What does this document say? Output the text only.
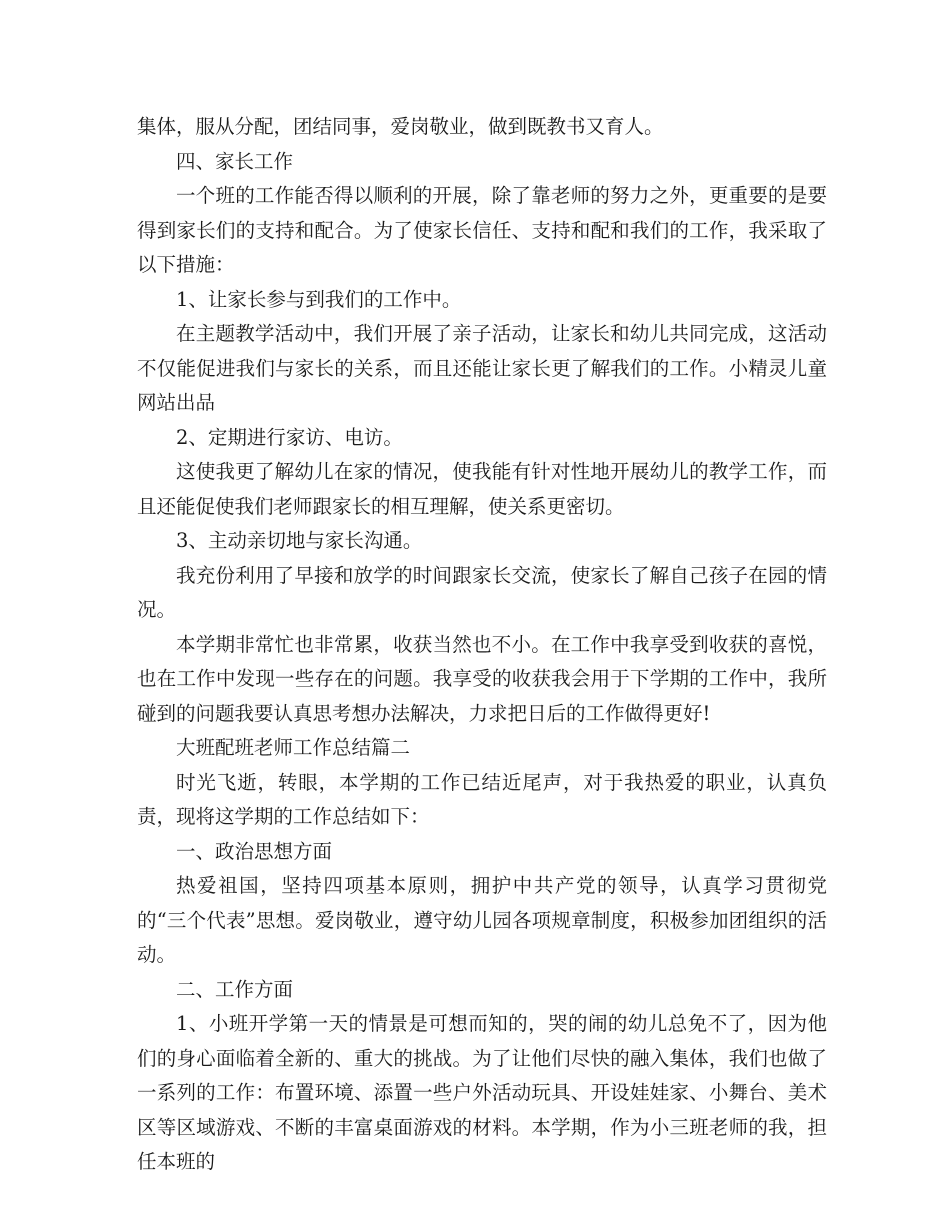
集体，服从分配，团结同事，爱岗敬业，做到既教书又育人。

四、家长工作

一个班的工作能否得以顺利的开展，除了靠老师的努力之外，更重要的是要得到家长们的支持和配合。为了使家长信任、支持和配和我们的工作，我采取了以下措施：

1、让家长参与到我们的工作中。

在主题教学活动中，我们开展了亲子活动，让家长和幼儿共同完成，这活动不仅能促进我们与家长的关系，而且还能让家长更了解我们的工作。小精灵儿童网站出品

2、定期进行家访、电访。

这使我更了解幼儿在家的情况，使我能有针对性地开展幼儿的教学工作，而且还能促使我们老师跟家长的相互理解，使关系更密切。

3、主动亲切地与家长沟通。

我充份利用了早接和放学的时间跟家长交流，使家长了解自己孩子在园的情况。

本学期非常忙也非常累，收获当然也不小。在工作中我享受到收获的喜悦，也在工作中发现一些存在的问题。我享受的收获我会用于下学期的工作中，我所碰到的问题我要认真思考想办法解决，力求把日后的工作做得更好!

大班配班老师工作总结篇二

时光飞逝，转眼，本学期的工作已结近尾声，对于我热爱的职业，认真负责，现将这学期的工作总结如下：

一、政治思想方面

热爱祖国，坚持四项基本原则，拥护中共产党的领导，认真学习贯彻党的“三个代表”思想。爱岗敬业，遵守幼儿园各项规章制度，积极参加团组织的活动。

二、工作方面

1、小班开学第一天的情景是可想而知的，哭的闹的幼儿总免不了，因为他们的身心面临着全新的、重大的挑战。为了让他们尽快的融入集体，我们也做了一系列的工作：布置环境、添置一些户外活动玩具、开设娃娃家、小舞台、美术区等区域游戏、不断的丰富桌面游戏的材料。本学期，作为小三班老师的我，担任本班的
